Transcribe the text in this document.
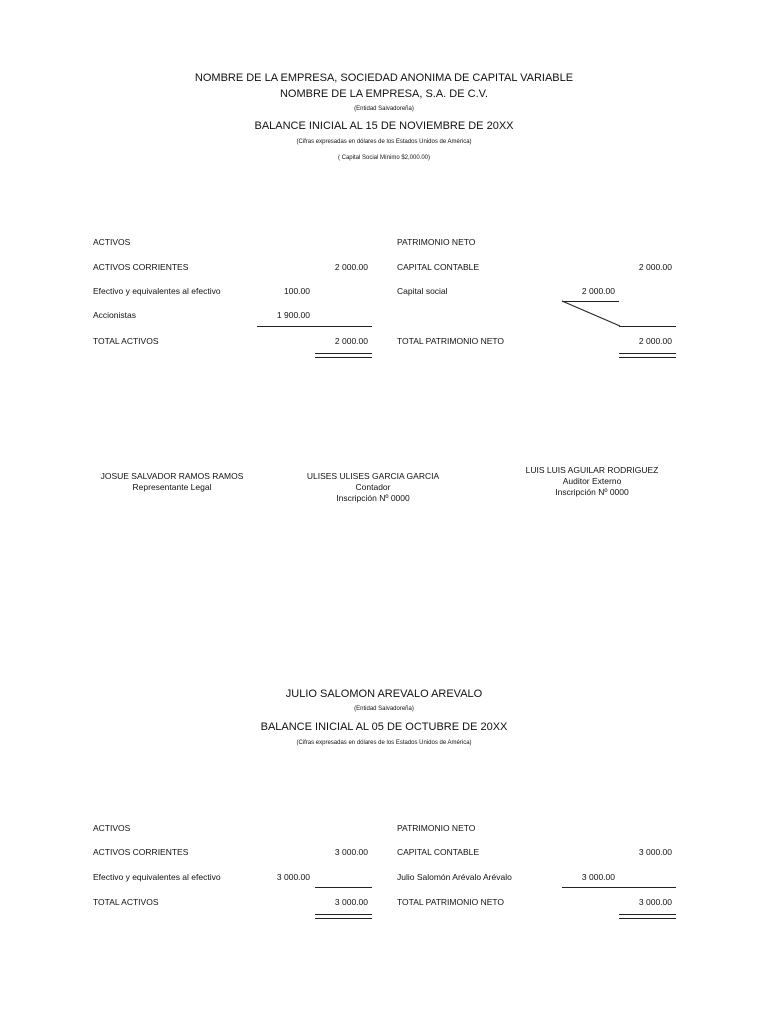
NOMBRE DE LA EMPRESA, SOCIEDAD ANONIMA DE CAPITAL VARIABLE
NOMBRE DE LA EMPRESA, S.A. DE C.V.
(Entidad Salvadoreña)
BALANCE INICIAL AL 15 DE NOVIEMBRE DE 20XX
(Cifras expresadas en dólares de los Estados Unidos de América)
( Capital Social Mínimo $2,000.00)
ACTIVOS
ACTIVOS CORRIENTES	2 000.00
Efectivo y equivalentes al efectivo	100.00
Accionistas	1 900.00
TOTAL ACTIVOS	2 000.00
PATRIMONIO NETO
CAPITAL CONTABLE	2 000.00
Capital social	2 000.00
TOTAL PATRIMONIO NETO	2 000.00
JOSUE SALVADOR RAMOS RAMOS
Representante Legal
ULISES ULISES GARCIA GARCIA
Contador
Inscripción Nº 0000
LUIS LUIS AGUILAR RODRIGUEZ
Auditor Externo
Inscripción Nº 0000
JULIO SALOMON AREVALO AREVALO
(Entidad Salvadoreña)
BALANCE INICIAL AL 05 DE OCTUBRE DE 20XX
(Cifras expresadas en dólares de los Estados Unidos de América)
ACTIVOS
ACTIVOS CORRIENTES	3 000.00
Efectivo y equivalentes al efectivo	3 000.00
TOTAL ACTIVOS	3 000.00
PATRIMONIO NETO
CAPITAL CONTABLE	3 000.00
Julio Salomón Arévalo Arévalo	3 000.00
TOTAL PATRIMONIO NETO	3 000.00
